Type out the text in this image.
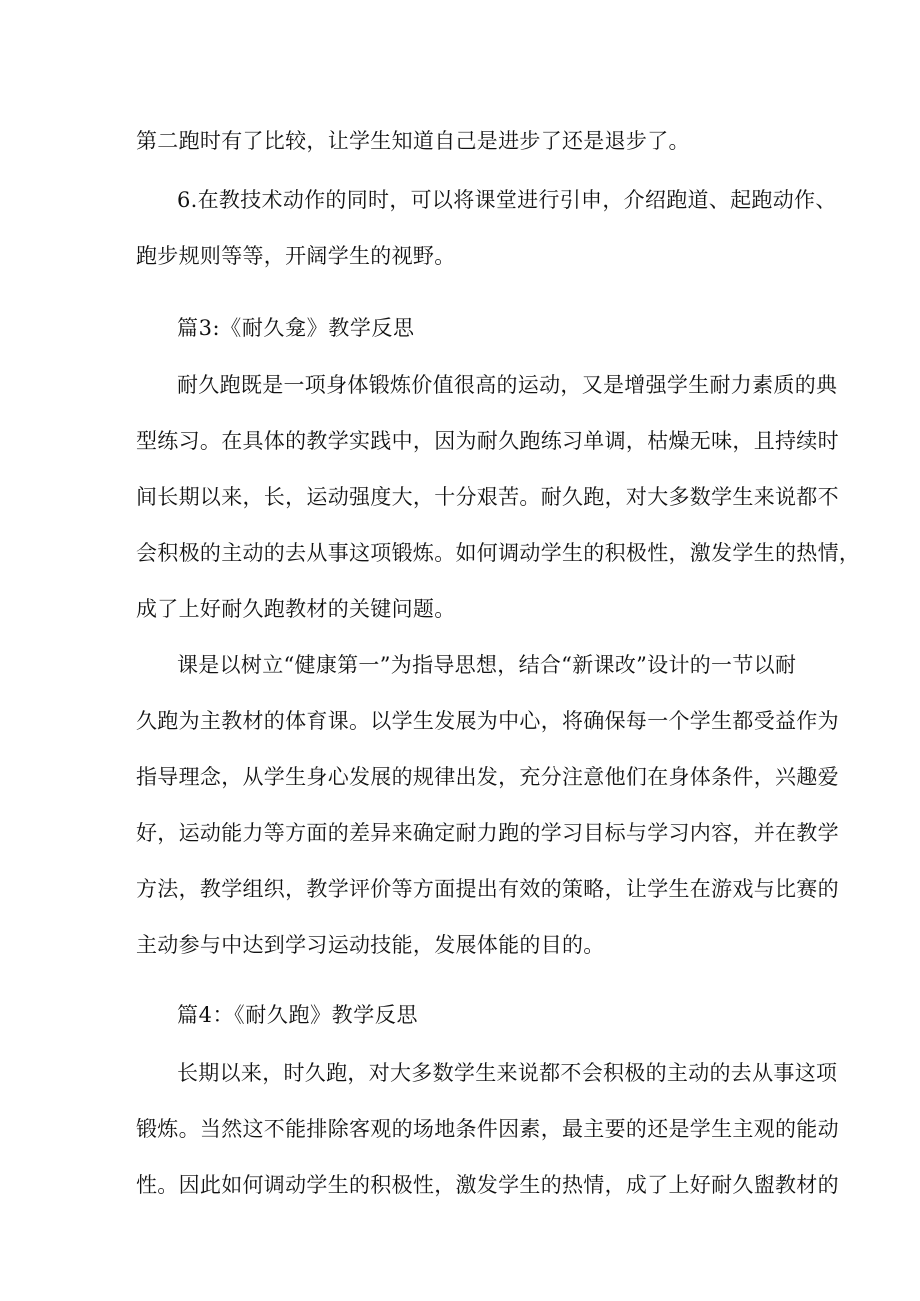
第二跑时有了比较，让学生知道自己是进步了还是退步了。
6.在教技术动作的同时，可以将课堂进行引申，介绍跑道、起跑动作、
跑步规则等等，开阔学生的视野。
篇3:《耐久龛》教学反思
耐久跑既是一项身体锻炼价值很高的运动，又是增强学生耐力素质的典
型练习。在具体的教学实践中，因为耐久跑练习单调，枯燥无味，且持续时
间长期以来，长，运动强度大，十分艰苦。耐久跑，对大多数学生来说都不
会积极的主动的去从事这项锻炼。如何调动学生的积极性，激发学生的热情，
成了上好耐久跑教材的关键问题。
课是以树立“健康第一”为指导思想，结合“新课改”设计的一节以耐
久跑为主教材的体育课。以学生发展为中心，将确保每一个学生都受益作为
指导理念，从学生身心发展的规律出发，充分注意他们在身体条件，兴趣爱
好，运动能力等方面的差异来确定耐力跑的学习目标与学习内容，并在教学
方法，教学组织，教学评价等方面提出有效的策略，让学生在游戏与比赛的
主动参与中达到学习运动技能，发展体能的目的。
篇4：《耐久跑》教学反思
长期以来，时久跑，对大多数学生来说都不会积极的主动的去从事这项
锻炼。当然这不能排除客观的场地条件因素，最主要的还是学生主观的能动
性。因此如何调动学生的积极性，激发学生的热情，成了上好耐久盥教材的
